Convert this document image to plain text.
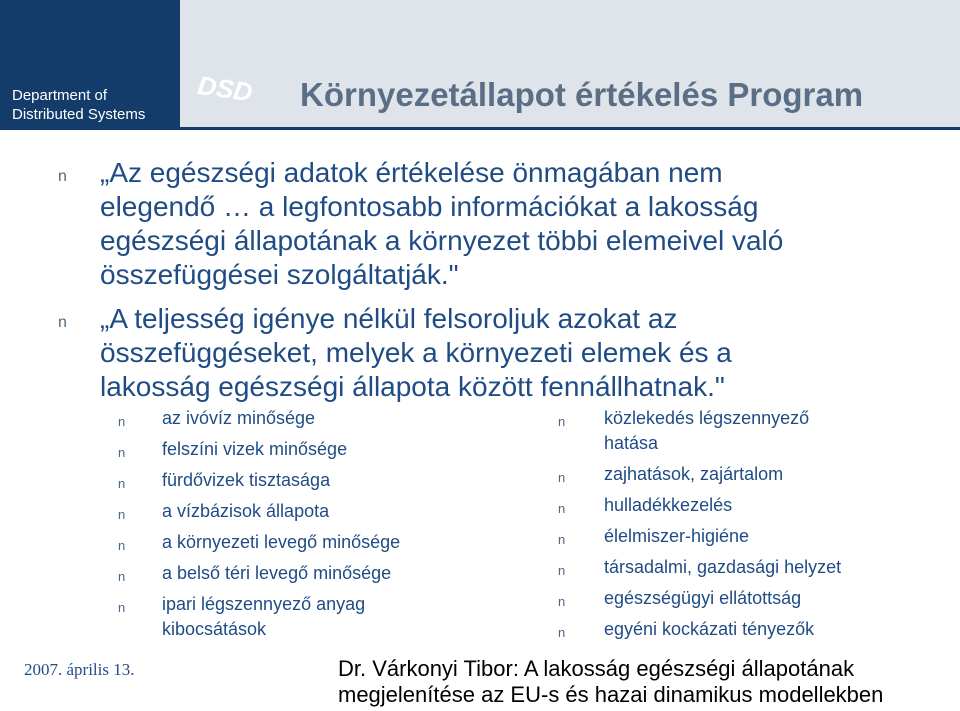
Department of
Distributed Systems
DSD Környezetállapot értékelés Program
n „Az egészségi adatok értékelése önmagában nem
elegendő … a legfontosabb információkat a lakosság
egészségi állapotának a környezet többi elemeivel való
összefüggései szolgáltatják."
n „A teljesség igénye nélkül felsoroljuk azokat az
összefüggéseket, melyek a környezeti elemek és a
lakosság egészségi állapota között fennállhatnak."
n az ivóvíz minősége
n felszíni vizek minősége
n fürdővizek tisztasága
n a vízbázisok állapota
n a környezeti levegő minősége
n a belső téri levegő minősége
n ipari légszennyező anyag
kibocsátások
n közlekedés légszennyező
hatása
n zajhatások, zajártalom
n hulladékkezelés
n élelmiszer-higiéne
n társadalmi, gazdasági helyzet
n egészségügyi ellátottság
n egyéni kockázati tényezők
2007. április 13.	Dr. Várkonyi Tibor: A lakosság egészségi állapotának
megjelenítése az EU-s és hazai dinamikus modellekben
